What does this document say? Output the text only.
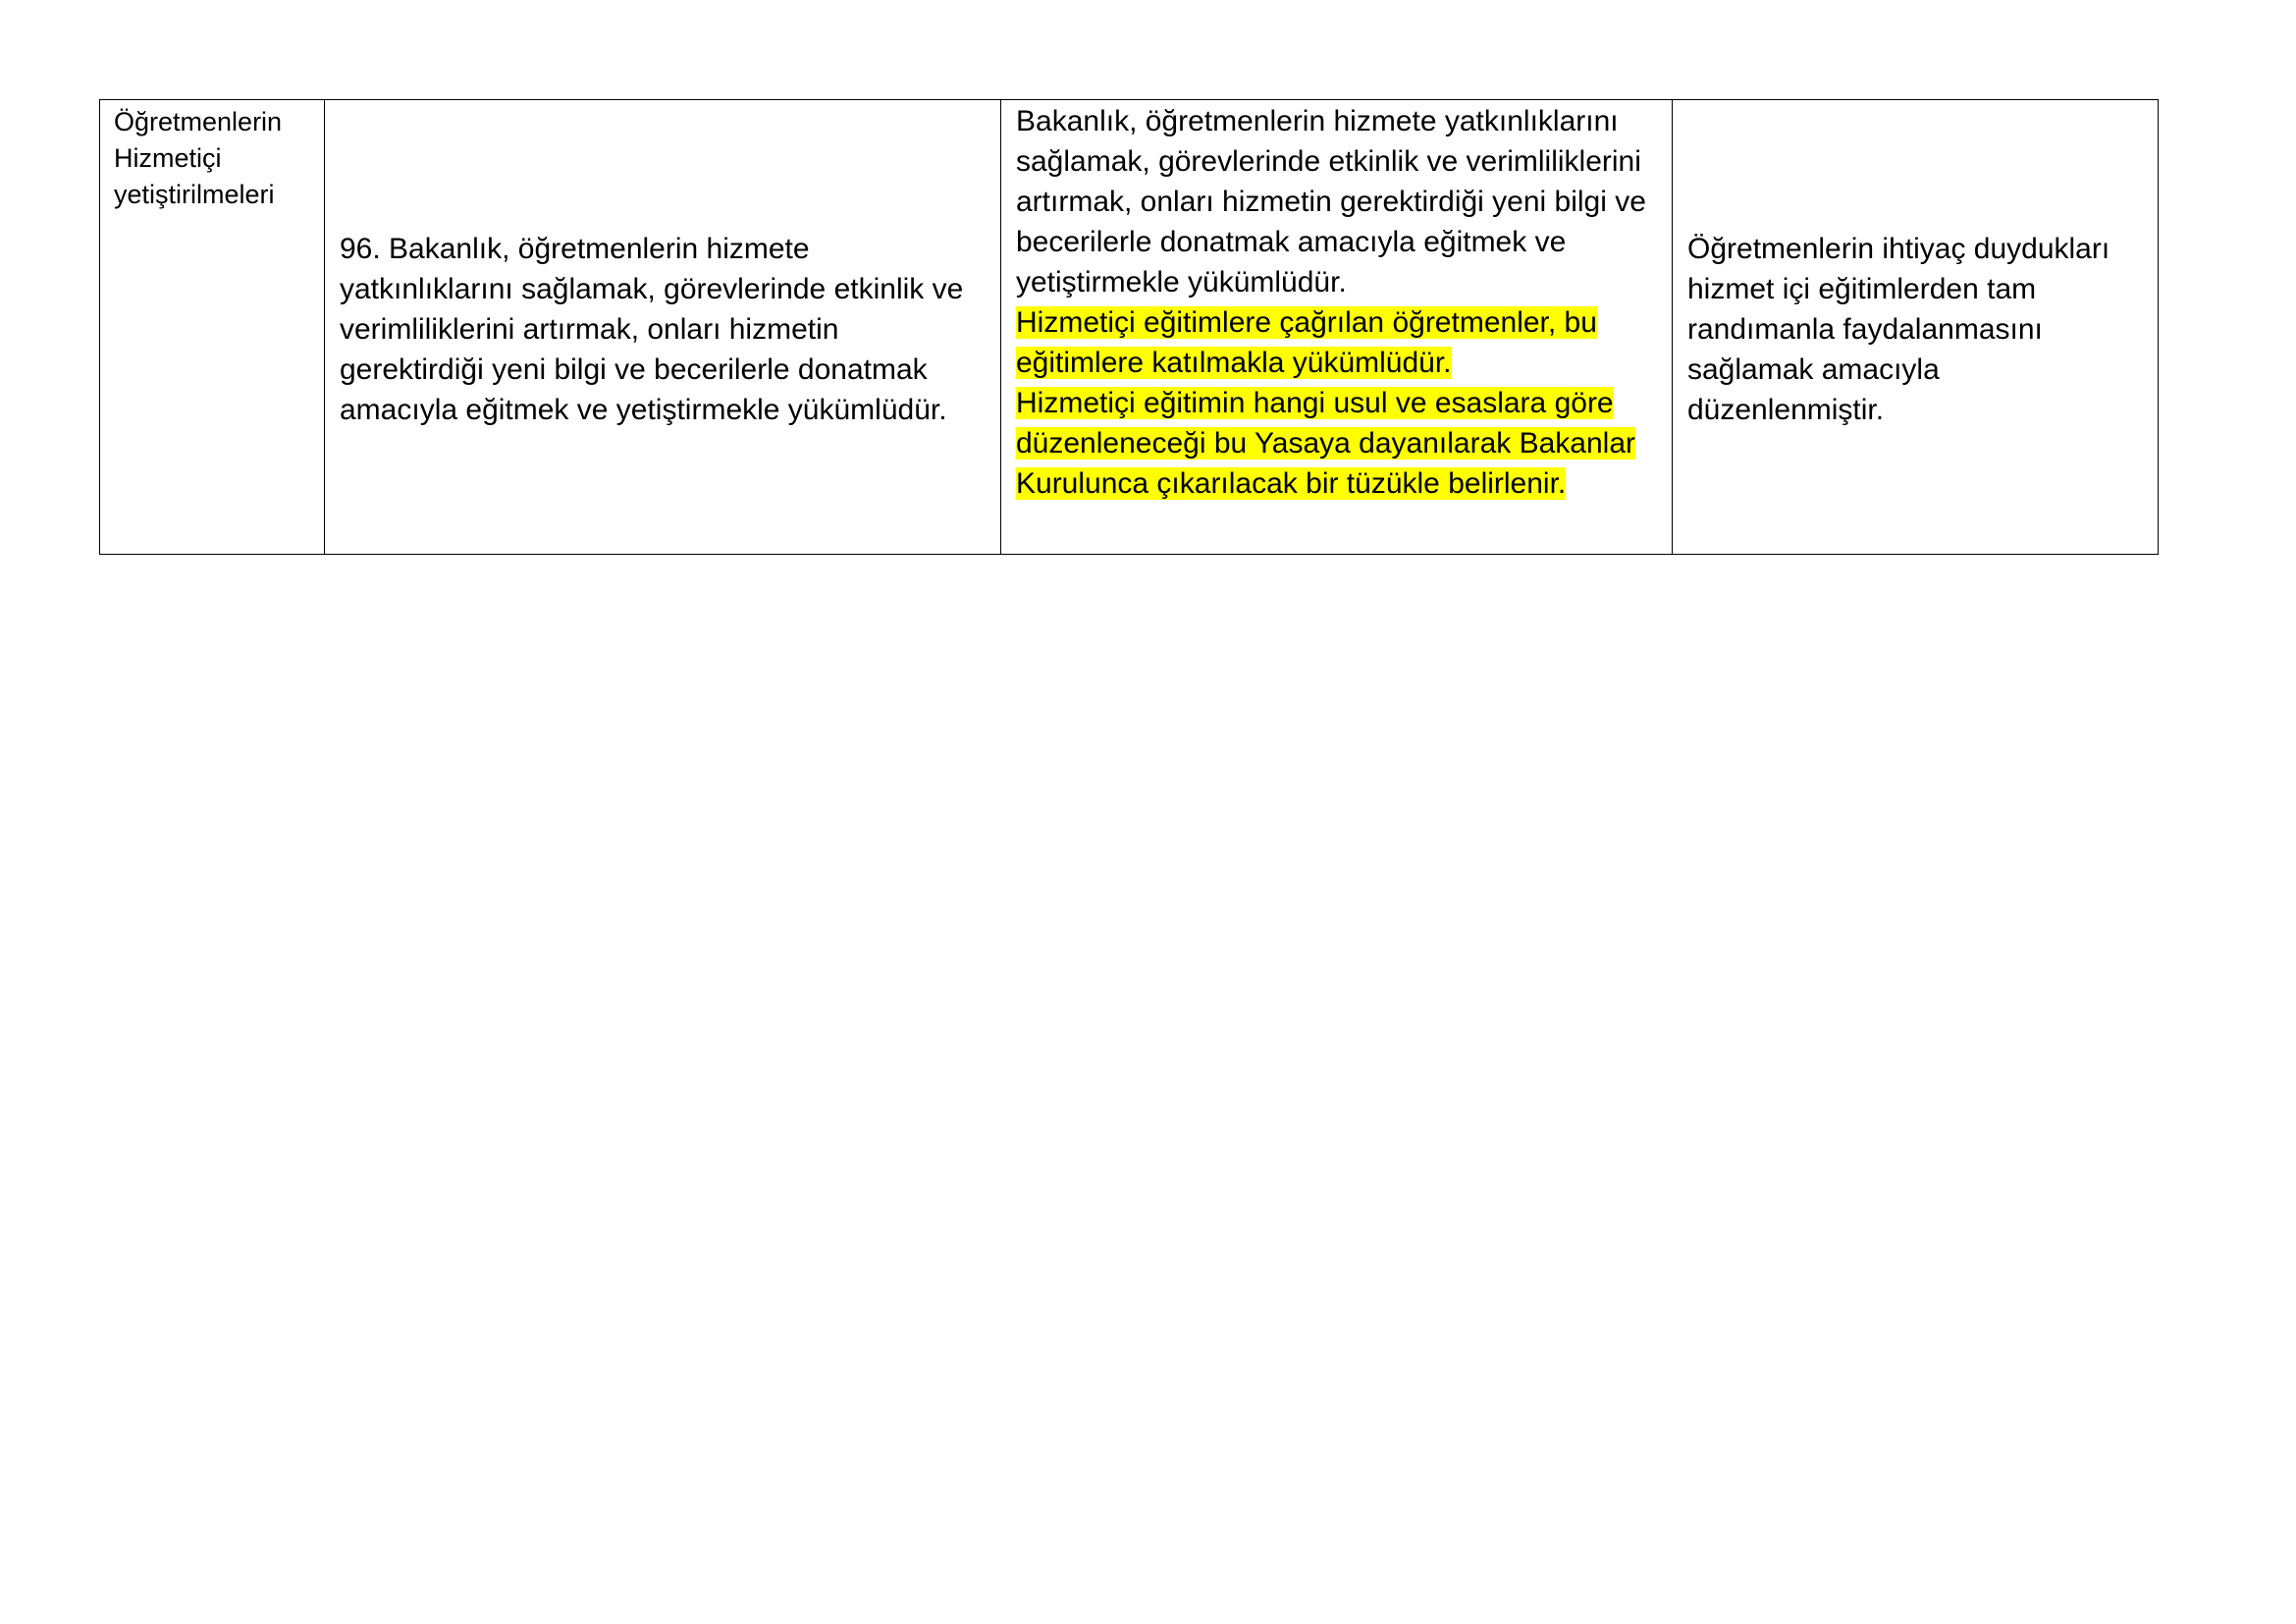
Öğretmenlerin Hizmetiçi yetiştirilmeleri

96. Bakanlık, öğretmenlerin hizmete yatkınlıklarını sağlamak, görevlerinde etkinlik ve verimliliklerini artırmak, onları hizmetin gerektirdiği yeni bilgi ve becerilerle donatmak amacıyla eğitmek ve yetiştirmekle yükümlüdür.

Bakanlık, öğretmenlerin hizmete yatkınlıklarını sağlamak, görevlerinde etkinlik ve verimliliklerini artırmak, onları hizmetin gerektirdiği yeni bilgi ve becerilerle donatmak amacıyla eğitmek ve yetiştirmekle yükümlüdür.
Hizmetiçi eğitimlere çağrılan öğretmenler, bu eğitimlere katılmakla yükümlüdür.
Hizmetiçi eğitimin hangi usul ve esaslara göre düzenleneceği bu Yasaya dayanılarak Bakanlar Kurulunca çıkarılacak bir tüzükle belirlenir.

Öğretmenlerin ihtiyaç duydukları hizmet içi eğitimlerden tam randımanla faydalanmasını sağlamak amacıyla düzenlenmiştir.
